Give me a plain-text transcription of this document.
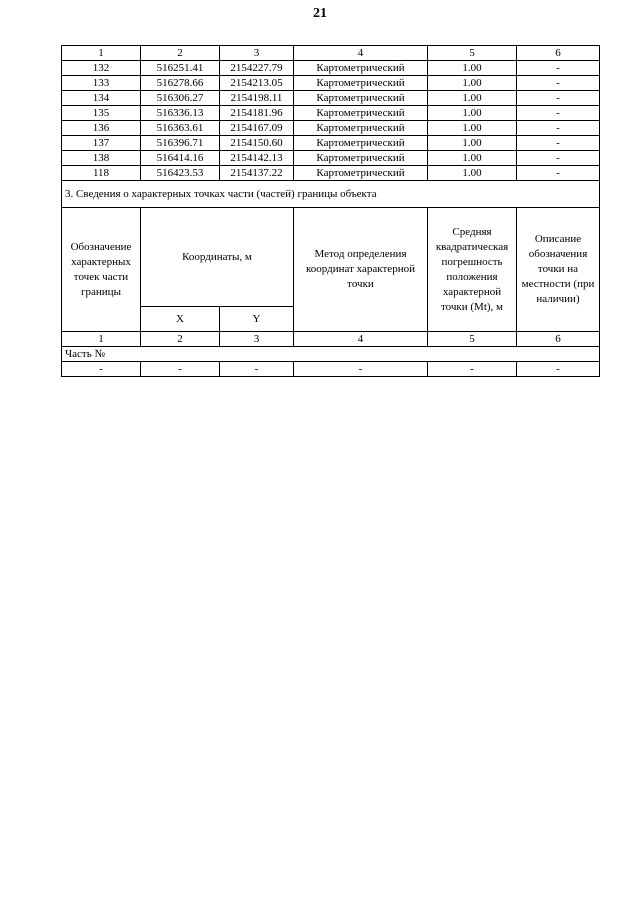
21
1	2	3	4	5	6
132	516251.41	2154227.79	Картометрический	1.00	-
133	516278.66	2154213.05	Картометрический	1.00	-
134	516306.27	2154198.11	Картометрический	1.00	-
135	516336.13	2154181.96	Картометрический	1.00	-
136	516363.61	2154167.09	Картометрический	1.00	-
137	516396.71	2154150.60	Картометрический	1.00	-
138	516414.16	2154142.13	Картометрический	1.00	-
118	516423.53	2154137.22	Картометрический	1.00	-
3. Сведения о характерных точках части (частей) границы объекта					
Обозначение характерных точек части границы	Координаты, м		Метод определения координат характерной точки	Средняя квадратическая погрешность положения характерной точки (Mt), м	Описание обозначения точки на местности (при наличии)
	X	Y			
1	2	3	4	5	6
Часть №					
-	-	-	-	-	-
